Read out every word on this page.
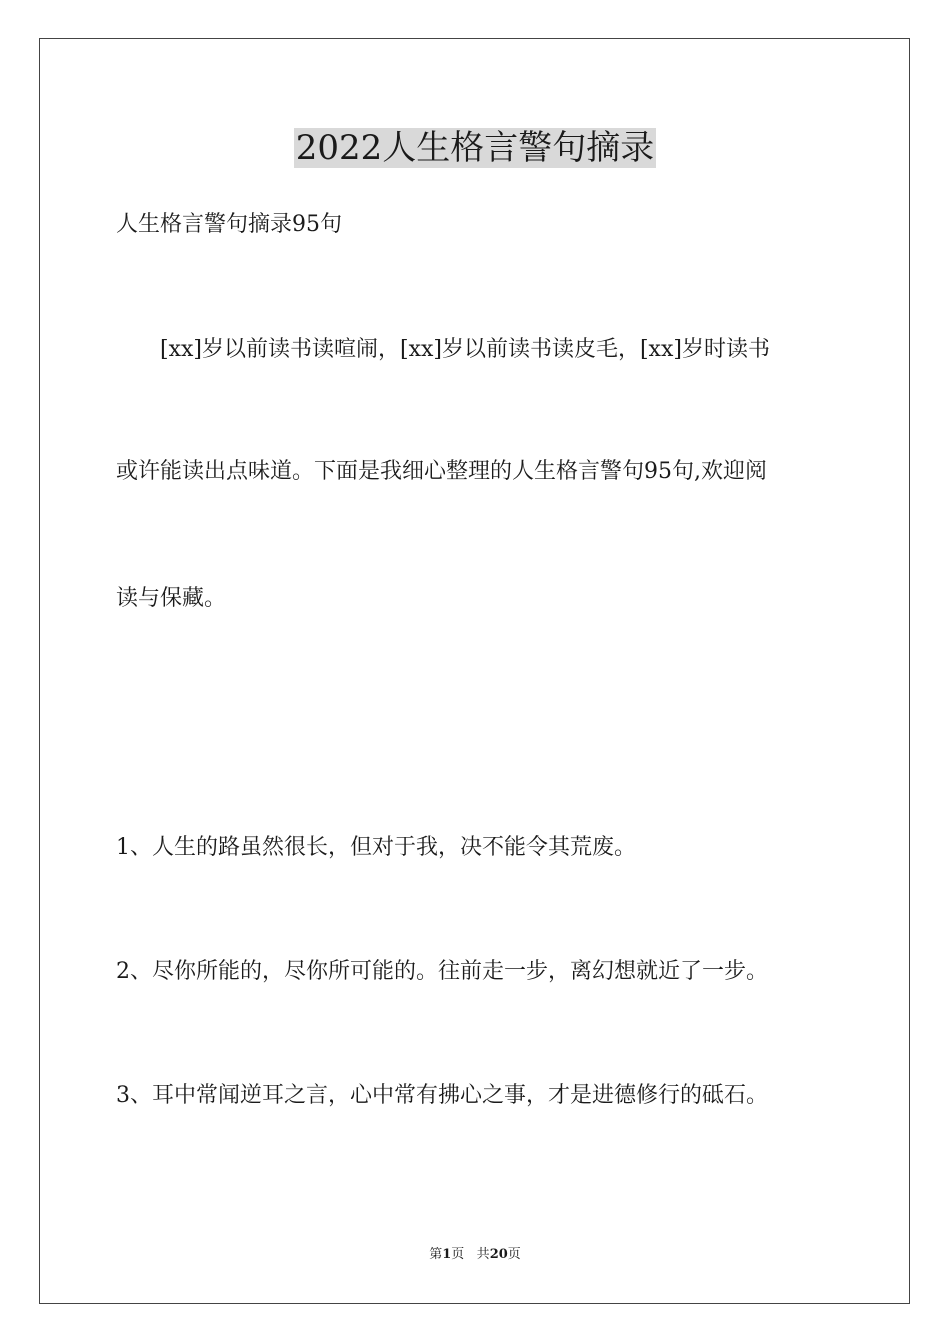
2022人生格言警句摘录
人生格言警句摘录95句
[xx]岁以前读书读喧闹，[xx]岁以前读书读皮毛，[xx]岁时读书
或许能读出点味道。下面是我细心整理的人生格言警句95句,欢迎阅
读与保藏。
1、人生的路虽然很长，但对于我，决不能令其荒废。
2、尽你所能的，尽你所可能的。往前走一步，离幻想就近了一步。
3、耳中常闻逆耳之言，心中常有拂心之事，才是进德修行的砥石。
第1页 共20页
